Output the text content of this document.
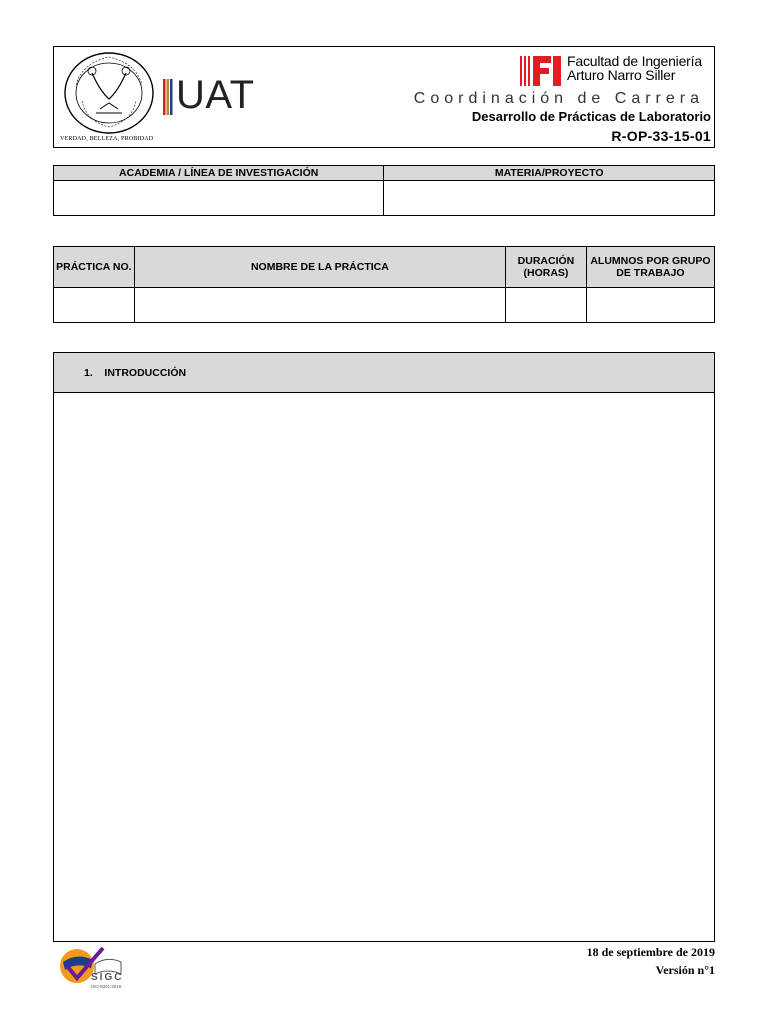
VERDAD, BELLEZA, PROBIDAD
UAT
Facultad de Ingeniería
Arturo Narro Siller
Coordinación de Carrera
Desarrollo de Prácticas de Laboratorio
R-OP-33-15-01
ACADEMIA / LÍNEA DE INVESTIGACIÓN	MATERIA/PROYECTO

PRÁCTICA NO.	NOMBRE DE LA PRÁCTICA	DURACIÓN (HORAS)	ALUMNOS POR GRUPO DE TRABAJO

1.    INTRODUCCIÓN
SIGC
ISO 9001:2015
18 de septiembre de 2019
Versión n°1
